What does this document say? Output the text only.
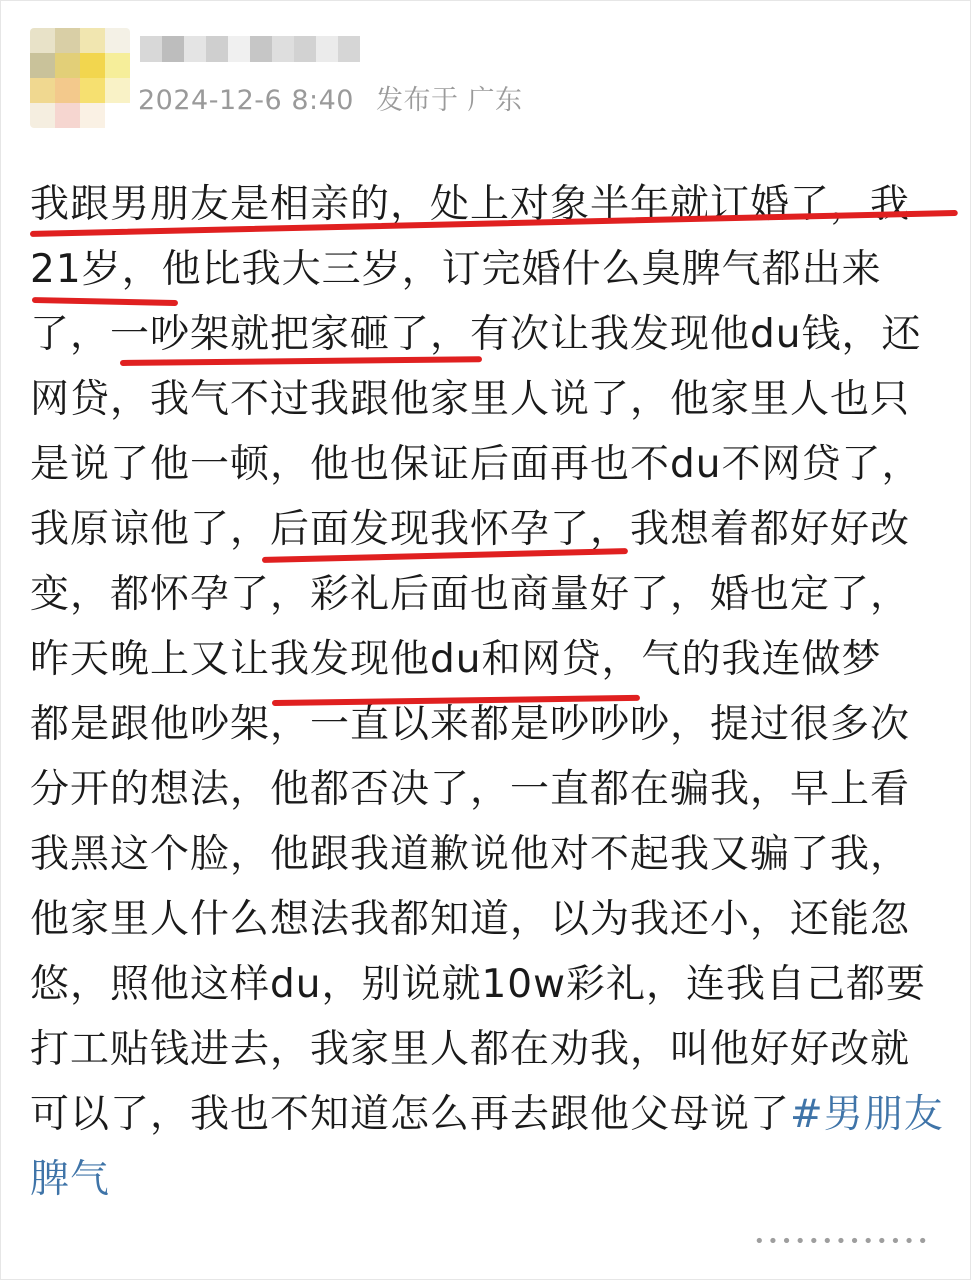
2024-12-6 8:40 发布于 广东
我跟男朋友是相亲的，处上对象半年就订婚了，我
21岁，他比我大三岁，订完婚什么臭脾气都出来
了，一吵架就把家砸了，有次让我发现他du钱，还
网贷，我气不过我跟他家里人说了，他家里人也只
是说了他一顿，他也保证后面再也不du不网贷了，
我原谅他了，后面发现我怀孕了，我想着都好好改
变，都怀孕了，彩礼后面也商量好了，婚也定了，
昨天晚上又让我发现他du和网贷，气的我连做梦
都是跟他吵架，一直以来都是吵吵吵，提过很多次
分开的想法，他都否决了，一直都在骗我，早上看
我黑这个脸，他跟我道歉说他对不起我又骗了我，
他家里人什么想法我都知道，以为我还小，还能忽
悠，照他这样du，别说就10w彩礼，连我自己都要
打工贴钱进去，我家里人都在劝我，叫他好好改就
可以了，我也不知道怎么再去跟他父母说了#男朋友
脾气
•••••••••••••
